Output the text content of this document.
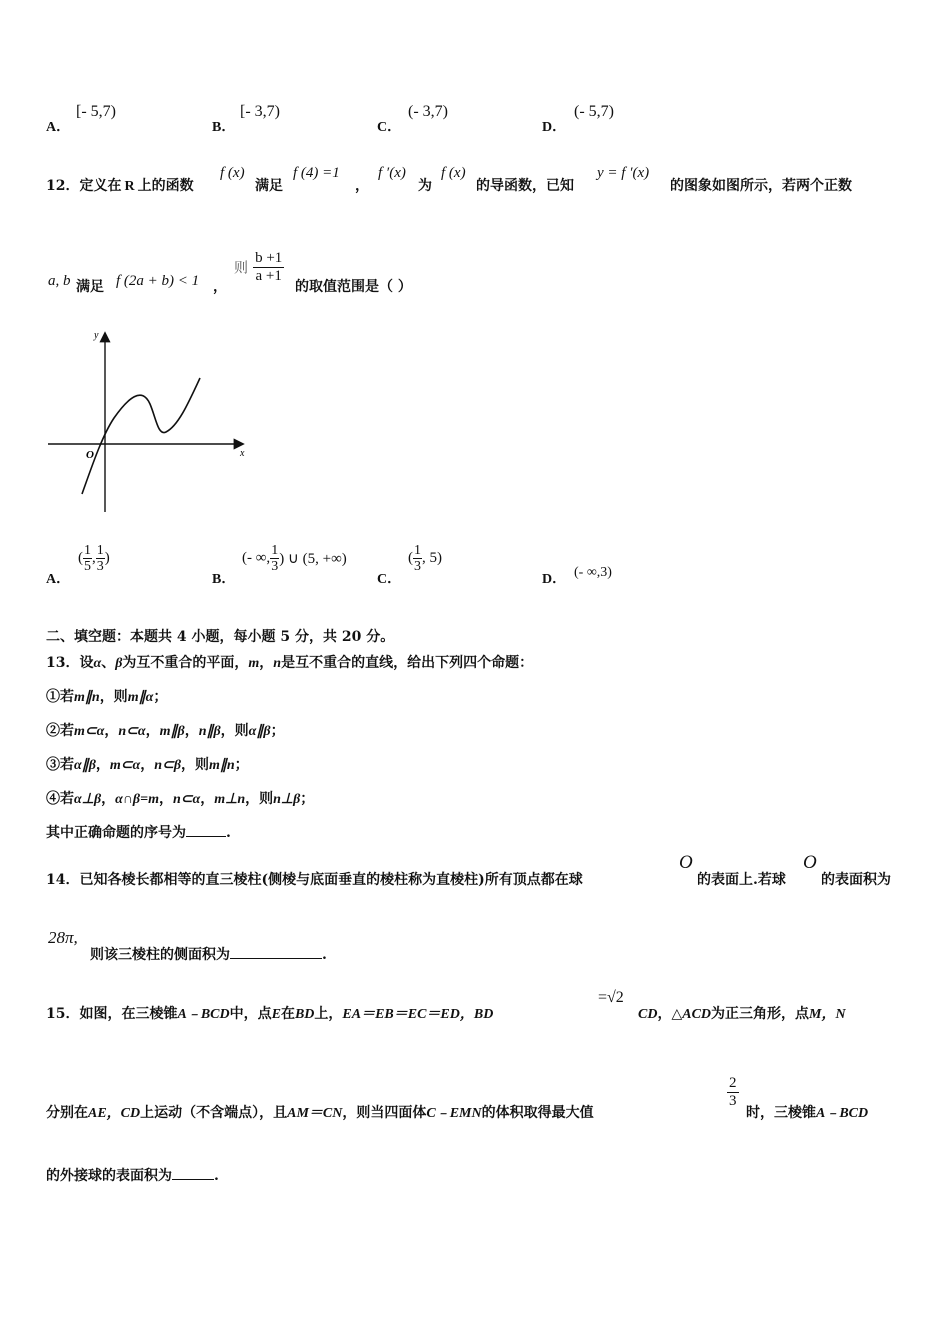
A．
[- 5,7)
B．
[- 3,7)
C．
(- 3,7)
D．
(- 5,7)
12．定义在 R 上的函数
f (x)
满足
f (4) =1
，
f ′(x)
为
f (x)
的导函数，已知
y = f ′(x)
的图象如图所示，若两个正数
a, b 满足 f (2a + b) < 1 ，
则 $\frac{b +1}{a +1}$
的取值范围是（ ）
y
x
O
A．
( $\frac{1}{5}$ , $\frac{1}{3}$ )
B．
(- ∞, $\frac{1}{3}$ ) ∪ (5, +∞)
C．
( $\frac{1}{3}$ , 5)
D． (- ∞,3)
二、填空题：本题共 4 小题，每小题 5 分，共 20 分。
13．设α、β为互不重合的平面，m，n是互不重合的直线，给出下列四个命题：
①若m∥n，则m∥α；
②若m⊂α，n⊂α，m∥β，n∥β，则α∥β；
③若α∥β，m⊂α，n⊂β，则m∥n；
④若α⊥β，α∩β=m，n⊂α，m⊥n，则n⊥β；
其中正确命题的序号为	.
14．已知各棱长都相等的直三棱柱(侧棱与底面垂直的棱柱称为直棱柱)所有顶点都在球
O
的表面上.若球
O
的表面积为
28π,
则该三棱柱的侧面积为	.
15．如图，在三棱锥A﹣BCD中，点E在BD上，EA＝EB＝EC＝ED，BD
=√2
CD，△ACD为正三角形，点M，N
分别在AE，CD上运动（不含端点），且AM＝CN，则当四面体C﹣EMN的体积取得最大值
$\frac{2}{3}$
时，三棱锥A﹣BCD
的外接球的表面积为	.
